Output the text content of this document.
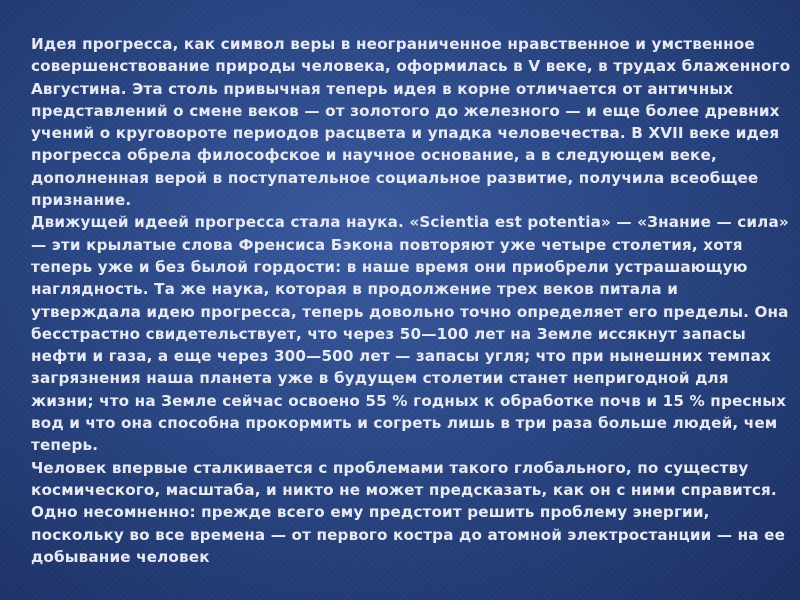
Идея прогресса, как символ веры в неограниченное нравственное и умственное совершенствование природы человека, оформилась в V веке, в трудах блаженного Августина. Эта столь привычная теперь идея в корне отличается от античных представлений о смене веков — от золотого до железного — и еще более древних учений о круговороте периодов расцвета и упадка человечества. В XVII веке идея прогресса обрела философское и научное основание, а в следующем веке, дополненная верой в поступательное социальное развитие, получила всеобщее признание.

Движущей идеей прогресса стала наука. «Scientia est potentia» — «Знание — сила» — эти крылатые слова Френсиса Бэкона повторяют уже четыре столетия, хотя теперь уже и без былой гордости: в наше время они приобрели устрашающую наглядность. Та же наука, которая в продолжение трех веков питала и утверждала идею прогресса, теперь довольно точно определяет его пределы. Она бесстрастно свидетельствует, что через 50—100 лет на Земле иссякнут запасы нефти и газа, а еще через 300—500 лет — запасы угля; что при нынешних темпах загрязнения наша планета уже в будущем столетии станет непригодной для жизни; что на Земле сейчас освоено 55 % годных к обработке почв и 15 % пресных вод и что она способна прокормить и согреть лишь в три раза больше людей, чем теперь.

Человек впервые сталкивается с проблемами такого глобального, по существу космического, масштаба, и никто не может предсказать, как он с ними справится. Одно несомненно: прежде всего ему предстоит решить проблему энергии, поскольку во все времена — от первого костра до атомной электростанции — на ее добывание человек
